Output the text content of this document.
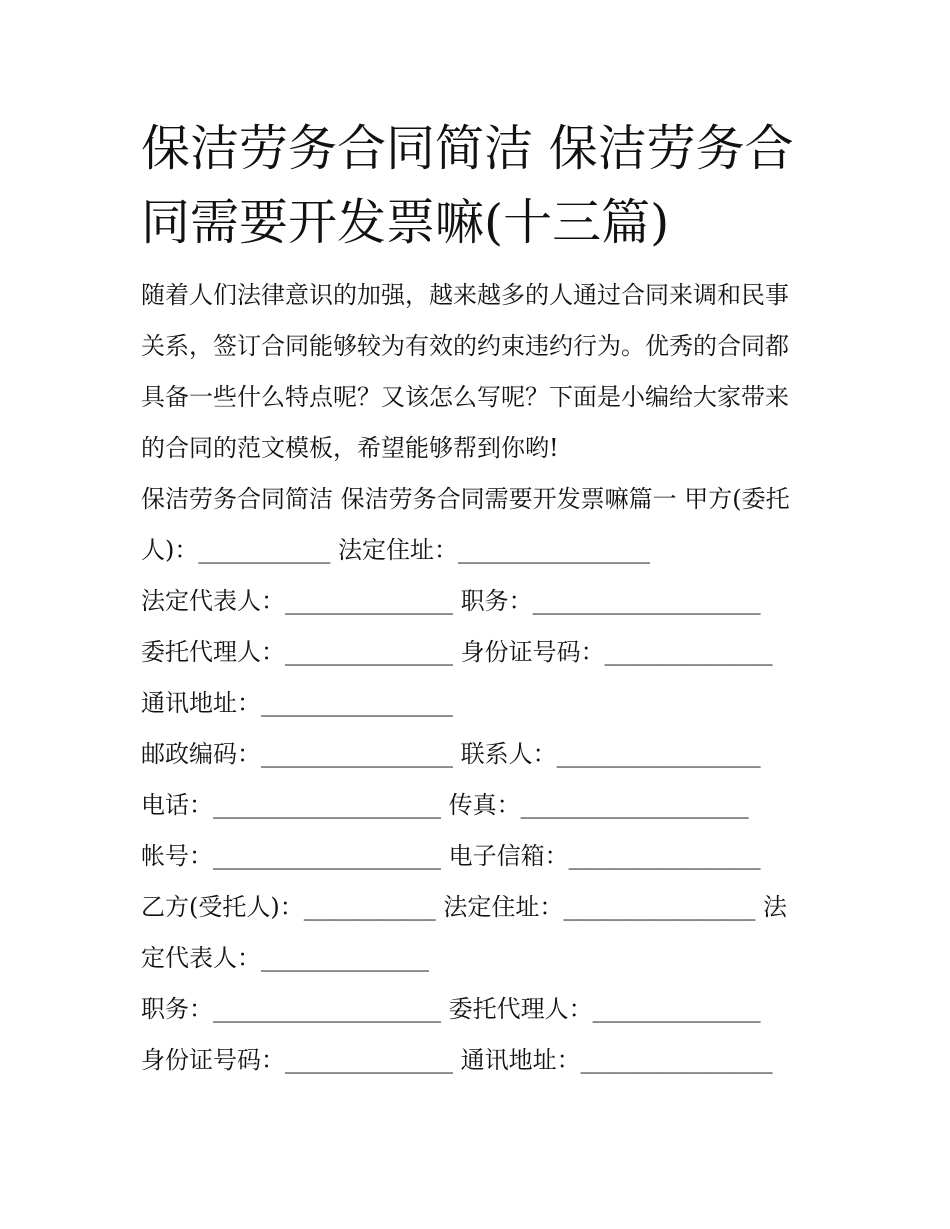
保洁劳务合同简洁 保洁劳务合
同需要开发票嘛(十三篇)
随着人们法律意识的加强，越来越多的人通过合同来调和民事
关系，签订合同能够较为有效的约束违约行为。优秀的合同都
具备一些什么特点呢？又该怎么写呢？下面是小编给大家带来
的合同的范文模板，希望能够帮到你哟!
保洁劳务合同简洁 保洁劳务合同需要开发票嘛篇一 甲方(委托
人)：___________ 法定住址：________________
法定代表人：______________ 职务：___________________
委托代理人：______________ 身份证号码：______________
通讯地址：________________
邮政编码：________________ 联系人：_________________
电话：___________________ 传真：___________________
帐号：___________________ 电子信箱：________________
乙方(受托人)：___________ 法定住址：________________ 法
定代表人：______________
职务：___________________ 委托代理人：______________
身份证号码：______________ 通讯地址：________________
